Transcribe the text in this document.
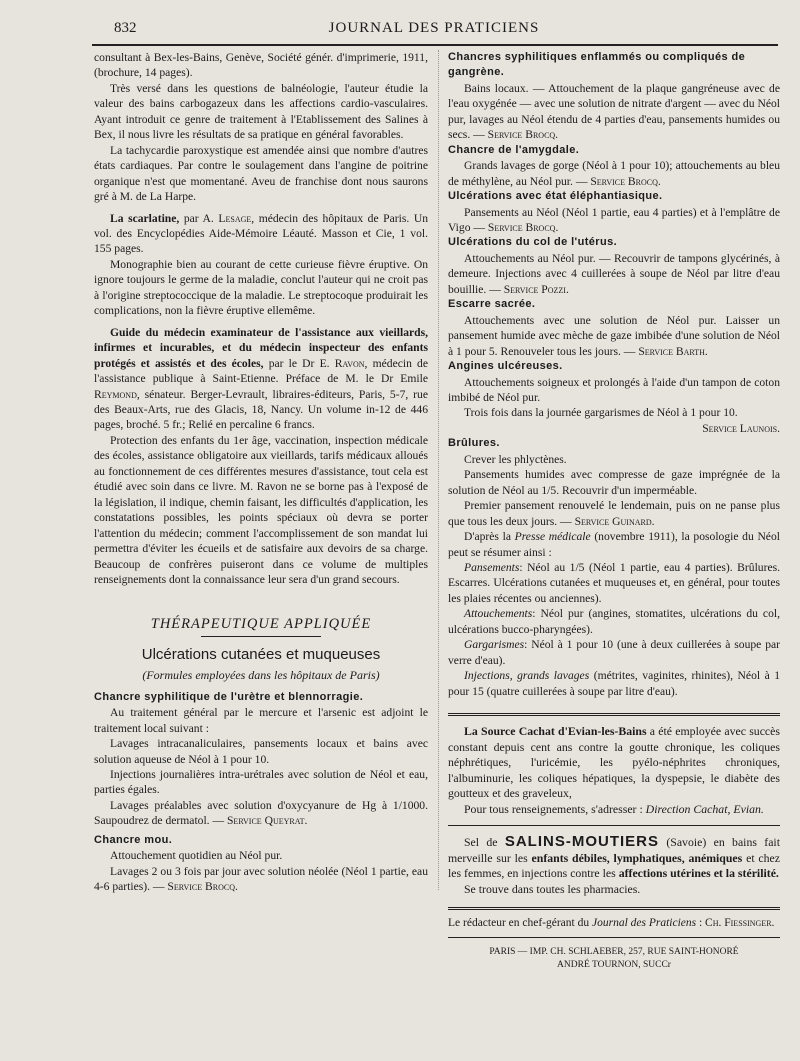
832	JOURNAL DES PRATICIENS

consultant à Bex-les-Bains, Genève, Société génér. d'imprimerie, 1911, (brochure, 14 pages).

Très versé dans les questions de balnéologie, l'auteur étudie la valeur des bains carbogazeux dans les affections cardio-vasculaires. Ayant introduit ce genre de traitement à l'Etablissement des Salines à Bex, il nous livre les résultats de sa pratique en général favorables.

La tachycardie paroxystique est amendée ainsi que nombre d'autres états cardiaques. Par contre le soulagement dans l'angine de poitrine organique n'est que momentané. Aveu de franchise dont nous saurons gré à M. de La Harpe.

La scarlatine, par A. Lesage, médecin des hôpitaux de Paris. Un vol. des Encyclopédies Aide-Mémoire Léauté. Masson et Cie, 1 vol. 155 pages.

Monographie bien au courant de cette curieuse fièvre éruptive. On ignore toujours le germe de la maladie, conclut l'auteur qui ne croit pas à l'origine streptococcique de la maladie. Le streptocoque produirait les complications, non la fièvre éruptive ellemême.

Guide du médecin examinateur de l'assistance aux vieillards, infirmes et incurables, et du médecin inspecteur des enfants protégés et assistés et des écoles, par le Dr E. Ravon, médecin de l'assistance publique à Saint-Etienne. Préface de M. le Dr Emile Reymond, sénateur. Berger-Levrault, libraires-éditeurs, Paris, 5-7, rue des Beaux-Arts, rue des Glacis, 18, Nancy. Un volume in-12 de 446 pages, broché. 5 fr.; Relié en percaline 6 francs.

Protection des enfants du 1er âge, vaccination, inspection médicale des écoles, assistance obligatoire aux vieillards, tarifs médicaux alloués au fonctionnement de ces différentes mesures d'assistance, tout cela est étudié avec soin dans ce livre. M. Ravon ne se borne pas à l'exposé de la législation, il indique, chemin faisant, les difficultés d'application, les constatations possibles, les points spéciaux où devra se porter l'attention du médecin; comment l'accomplissement de son mandat lui permettra d'éviter les écueils et de satisfaire aux devoirs de sa charge. Beaucoup de confrères puiseront dans ce volume de multiples renseignements dont la connaissance leur sera d'un grand secours.

THÉRAPEUTIQUE APPLIQUÉE
Ulcérations cutanées et muqueuses
(Formules employées dans les hôpitaux de Paris)

Chancre syphilitique de l'urètre et blennorragie.

Au traitement général par le mercure et l'arsenic est adjoint le traitement local suivant :

Lavages intracanaliculaires, pansements locaux et bains avec solution aqueuse de Néol à 1 pour 10.

Injections journalières intra-urétrales avec solution de Néol et eau, parties égales.

Lavages préalables avec solution d'oxycyanure de Hg à 1/1000. Saupoudrez de dermatol. — Service Queyrat.

Chancre mou.

Attouchement quotidien au Néol pur.

Lavages 2 ou 3 fois par jour avec solution néolée (Néol 1 partie, eau 4-6 parties). — Service Brocq.

Chancres syphilitiques enflammés ou compliqués de gangrène.

Bains locaux. — Attouchement de la plaque gangréneuse avec de l'eau oxygénée — avec une solution de nitrate d'argent — avec du Néol pur, lavages au Néol étendu de 4 parties d'eau, pansements humides ou secs. — Service Brocq.

Chancre de l'amygdale.

Grands lavages de gorge (Néol à 1 pour 10); attouchements au bleu de méthylène, au Néol pur. — Service Brocq.

Ulcérations avec état éléphantiasique.

Pansements au Néol (Néol 1 partie, eau 4 parties) et à l'emplâtre de Vigo — Service Brocq.

Ulcérations du col de l'utérus.

Attouchements au Néol pur. — Recouvrir de tampons glycérinés, à demeure. Injections avec 4 cuillerées à soupe de Néol par litre d'eau bouillie. — Service Pozzi.

Escarre sacrée.

Attouchements avec une solution de Néol pur. Laisser un pansement humide avec mèche de gaze imbibée d'une solution de Néol à 1 pour 5. Renouveler tous les jours. — Service Barth.

Angines ulcéreuses.

Attouchements soigneux et prolongés à l'aide d'un tampon de coton imbibé de Néol pur.

Trois fois dans la journée gargarismes de Néol à 1 pour 10.

Service Launois.

Brûlures.

Crever les phlyctènes.

Pansements humides avec compresse de gaze imprégnée de la solution de Néol au 1/5. Recouvrir d'un imperméable.

Premier pansement renouvelé le lendemain, puis on ne panse plus que tous les deux jours. — Service Guinard.

D'après la Presse médicale (novembre 1911), la posologie du Néol peut se résumer ainsi :

Pansements: Néol au 1/5 (Néol 1 partie, eau 4 parties). Brûlures. Escarres. Ulcérations cutanées et muqueuses et, en général, pour toutes les plaies récentes ou anciennes).

Attouchements: Néol pur (angines, stomatites, ulcérations du col, ulcérations bucco-pharyngées).

Gargarismes: Néol à 1 pour 10 (une à deux cuillerées à soupe par verre d'eau).

Injections, grands lavages (métrites, vaginites, rhinites), Néol à 1 pour 15 (quatre cuillerées à soupe par litre d'eau).

La Source Cachat d'Evian-les-Bains a été employée avec succès constant depuis cent ans contre la goutte chronique, les coliques néphrétiques, l'uricémie, les pyélo-néphrites chroniques, l'albuminurie, les coliques hépatiques, la dyspepsie, le diabète des goutteux et des graveleux,

Pour tous renseignements, s'adresser : Direction Cachat, Evian.

Sel de SALINS-MOUTIERS (Savoie) en bains fait merveille sur les enfants débiles, lymphatiques, anémiques et chez les femmes, en injections contre les affections utérines et la stérilité.

Se trouve dans toutes les pharmacies.

Le rédacteur en chef-gérant du Journal des Praticiens : Ch. Fiessinger.

PARIS — IMP. CH. SCHLAEBER, 257, RUE SAINT-HONORÉ

ANDRÉ TOURNON, SUCCr
